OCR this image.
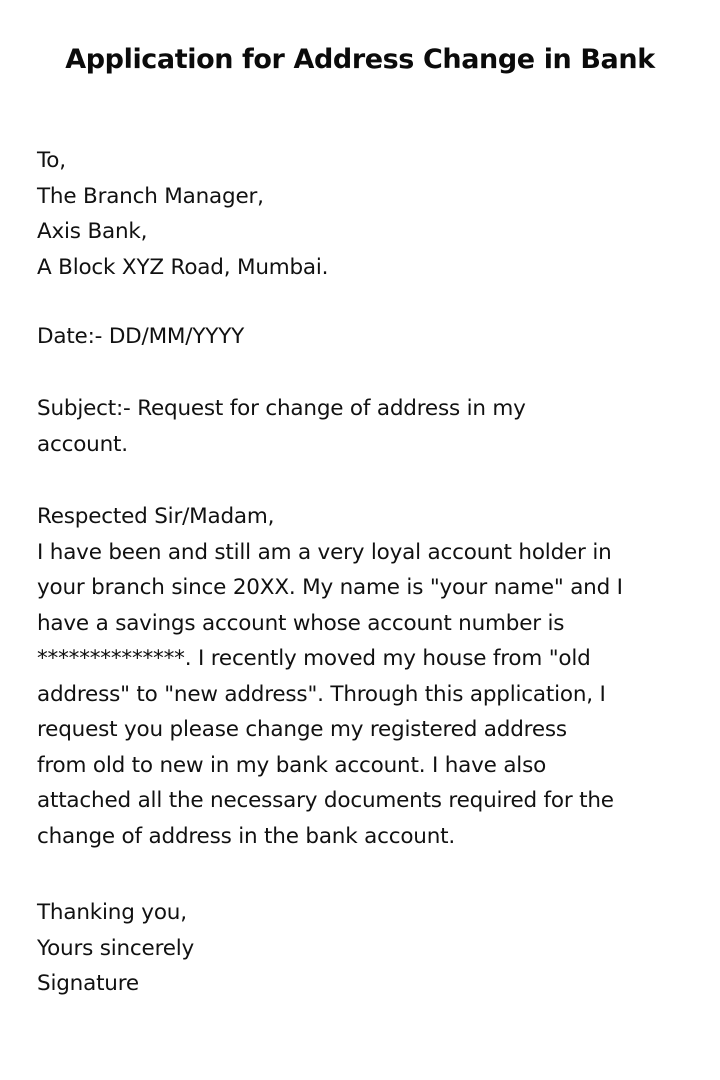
Application for Address Change in Bank
To,
The Branch Manager,
Axis Bank,
A Block XYZ Road, Mumbai.
Date:- DD/MM/YYYY
Subject:- Request for change of address in my
account.
Respected Sir/Madam,
I have been and still am a very loyal account holder in
your branch since 20XX. My name is "your name" and I
have a savings account whose account number is
**************. I recently moved my house from "old
address" to "new address". Through this application, I
request you please change my registered address
from old to new in my bank account. I have also
attached all the necessary documents required for the
change of address in the bank account.
Thanking you,
Yours sincerely
Signature
